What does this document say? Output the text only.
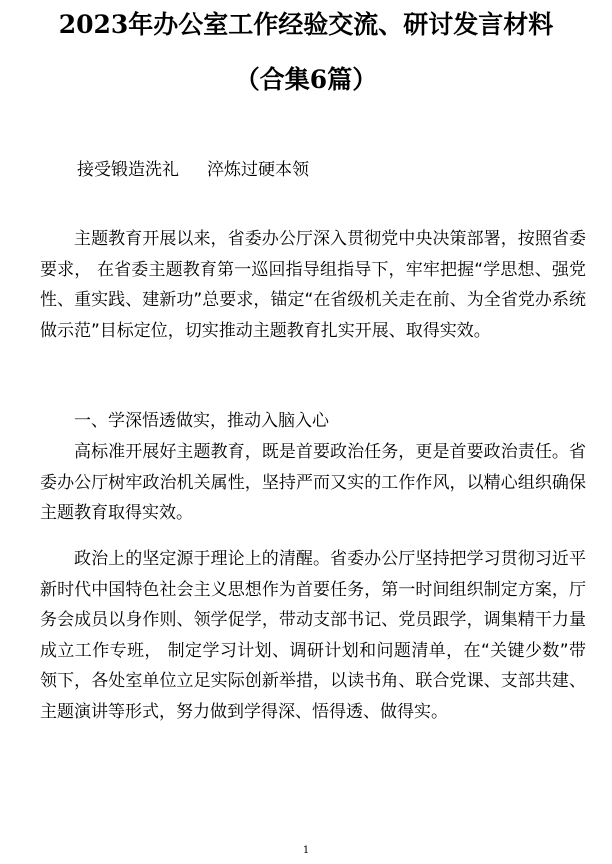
2023年办公室工作经验交流、研讨发言材料
（合集6篇）
接受锻造洗礼 淬炼过硬本领

主题教育开展以来，省委办公厅深入贯彻党中央决策部署，按照省委要求， 在省委主题教育第一巡回指导组指导下，牢牢把握“学思想、强党性、重实践、建新功”总要求，锚定“在省级机关走在前、为全省党办系统做示范”目标定位，切实推动主题教育扎实开展、取得实效。

一、学深悟透做实，推动入脑入心

高标准开展好主题教育，既是首要政治任务，更是首要政治责任。省委办公厅树牢政治机关属性，坚持严而又实的工作作风，以精心组织确保主题教育取得实效。

政治上的坚定源于理论上的清醒。省委办公厅坚持把学习贯彻习近平新时代中国特色社会主义思想作为首要任务，第一时间组织制定方案，厅务会成员以身作则、领学促学，带动支部书记、党员跟学，调集精干力量成立工作专班， 制定学习计划、调研计划和问题清单，在“关键少数”带领下，各处室单位立足实际创新举措，以读书角、联合党课、支部共建、主题演讲等形式，努力做到学得深、悟得透、做得实。

1
